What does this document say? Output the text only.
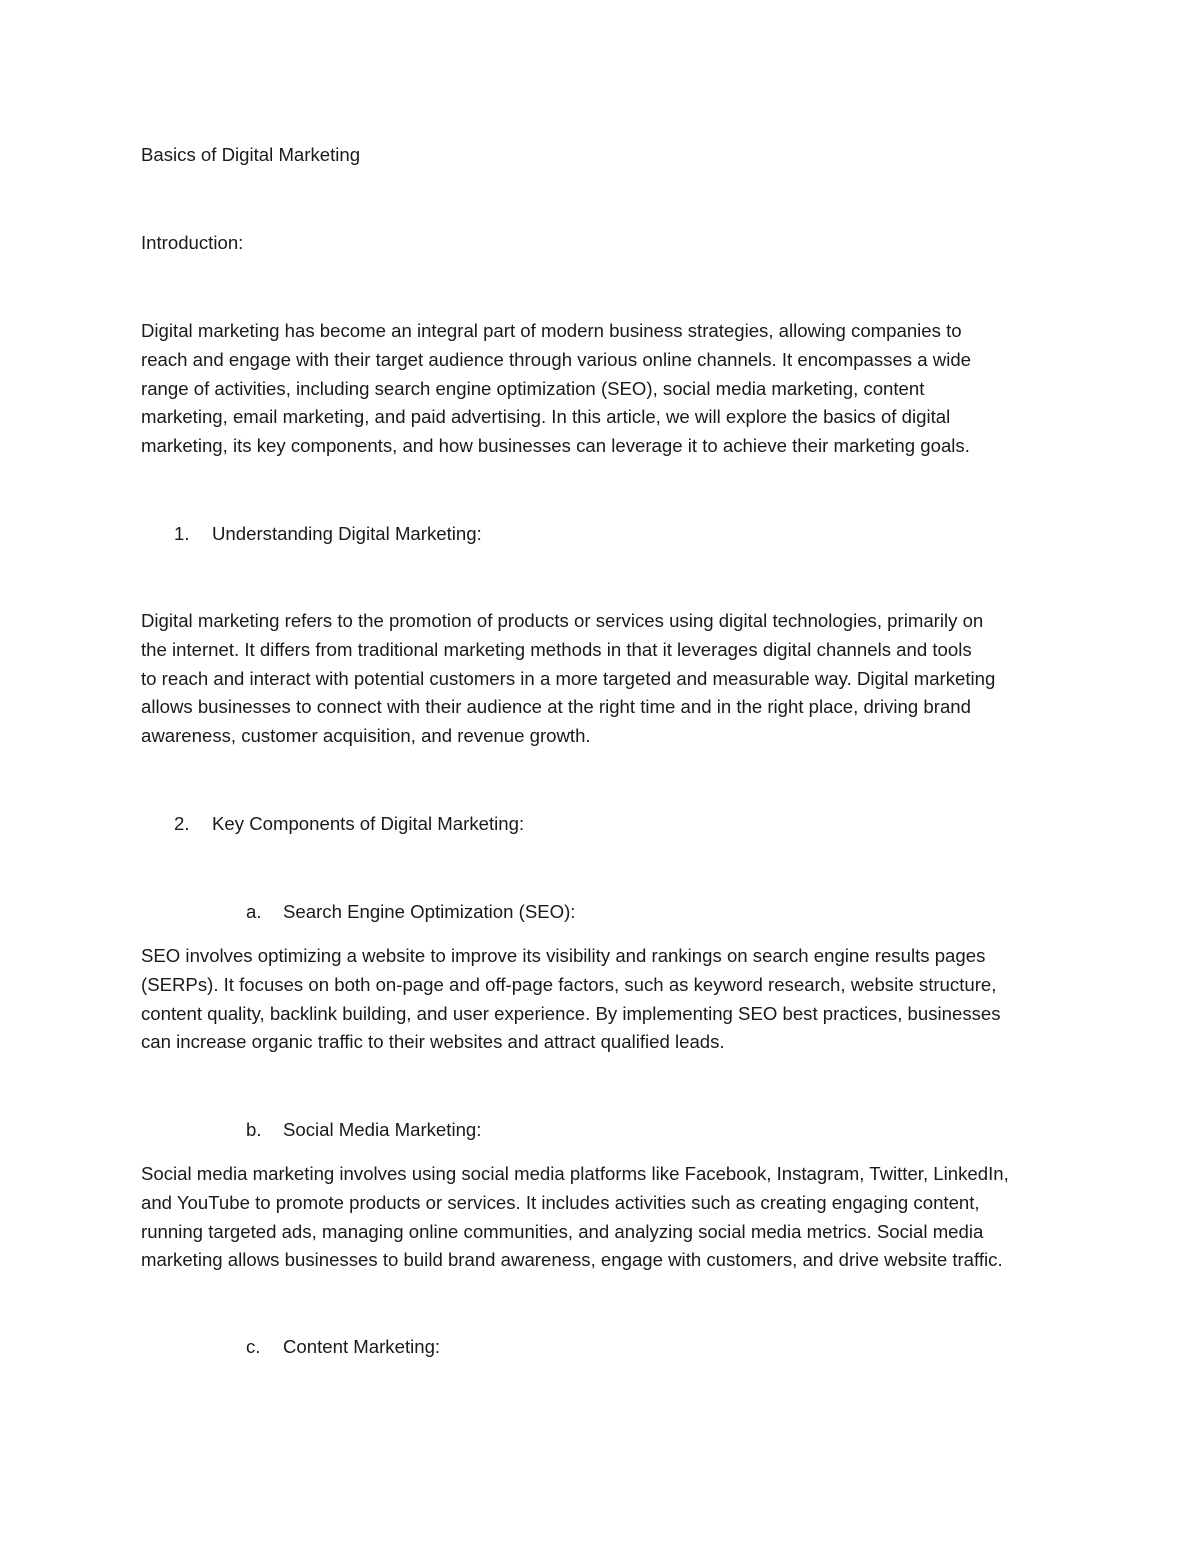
Basics of Digital Marketing

Introduction:

Digital marketing has become an integral part of modern business strategies, allowing companies to
reach and engage with their target audience through various online channels. It encompasses a wide
range of activities, including search engine optimization (SEO), social media marketing, content
marketing, email marketing, and paid advertising. In this article, we will explore the basics of digital
marketing, its key components, and how businesses can leverage it to achieve their marketing goals.

1. Understanding Digital Marketing:

Digital marketing refers to the promotion of products or services using digital technologies, primarily on
the internet. It differs from traditional marketing methods in that it leverages digital channels and tools
to reach and interact with potential customers in a more targeted and measurable way. Digital marketing
allows businesses to connect with their audience at the right time and in the right place, driving brand
awareness, customer acquisition, and revenue growth.

2. Key Components of Digital Marketing:

a. Search Engine Optimization (SEO):

SEO involves optimizing a website to improve its visibility and rankings on search engine results pages
(SERPs). It focuses on both on-page and off-page factors, such as keyword research, website structure,
content quality, backlink building, and user experience. By implementing SEO best practices, businesses
can increase organic traffic to their websites and attract qualified leads.

b. Social Media Marketing:

Social media marketing involves using social media platforms like Facebook, Instagram, Twitter, LinkedIn,
and YouTube to promote products or services. It includes activities such as creating engaging content,
running targeted ads, managing online communities, and analyzing social media metrics. Social media
marketing allows businesses to build brand awareness, engage with customers, and drive website traffic.

c. Content Marketing:
